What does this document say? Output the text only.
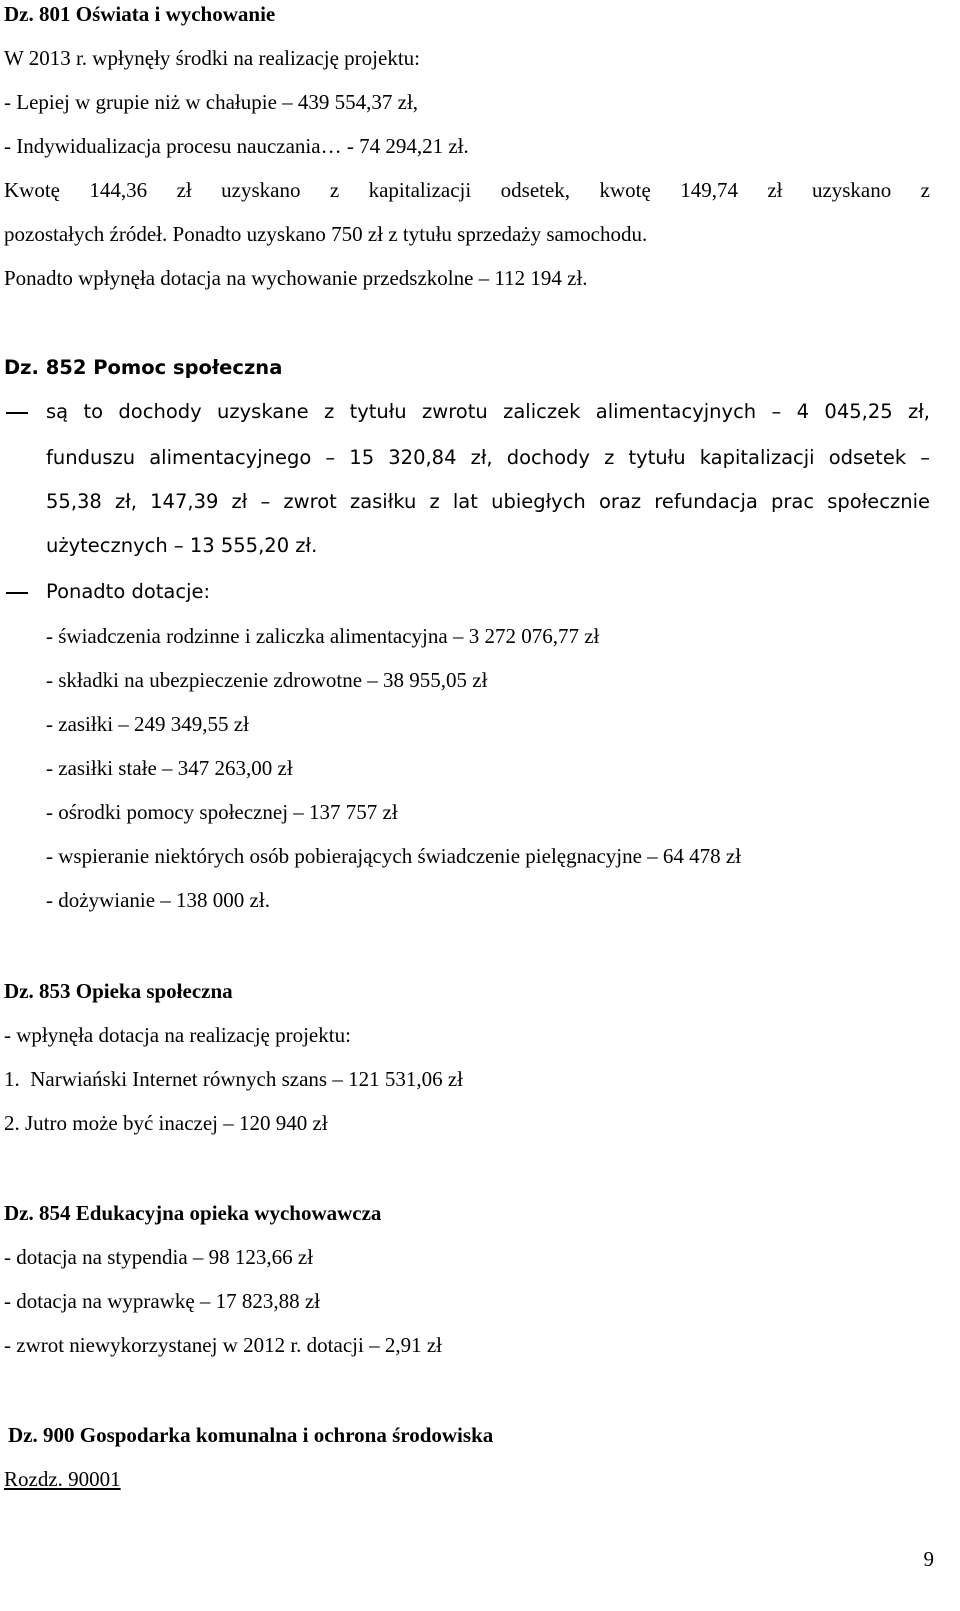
Dz. 801 Oświata i wychowanie
W 2013 r. wpłynęły środki na realizację projektu:
- Lepiej w grupie niż w chałupie – 439 554,37 zł,
- Indywidualizacja procesu nauczania… - 74 294,21 zł.
Kwotę 144,36 zł uzyskano z kapitalizacji odsetek, kwotę 149,74 zł uzyskano z
pozostałych źródeł. Ponadto uzyskano 750 zł z tytułu sprzedaży samochodu.
Ponadto wpłynęła dotacja na wychowanie przedszkolne – 112 194 zł.
Dz. 852 Pomoc społeczna
są to dochody uzyskane z tytułu zwrotu zaliczek alimentacyjnych – 4 045,25 zł,
funduszu alimentacyjnego – 15 320,84 zł, dochody z tytułu kapitalizacji odsetek –
55,38 zł, 147,39 zł – zwrot zasiłku z lat ubiegłych oraz refundacja prac społecznie
użytecznych – 13 555,20 zł.
Ponadto dotacje:
- świadczenia rodzinne i zaliczka alimentacyjna – 3 272 076,77 zł
- składki na ubezpieczenie zdrowotne – 38 955,05 zł
- zasiłki – 249 349,55 zł
- zasiłki stałe – 347 263,00 zł
- ośrodki pomocy społecznej – 137 757 zł
- wspieranie niektórych osób pobierających świadczenie pielęgnacyjne – 64 478 zł
- dożywianie – 138 000 zł.
Dz. 853 Opieka społeczna
- wpłynęła dotacja na realizację projektu:
1.  Narwiański Internet równych szans – 121 531,06 zł
2. Jutro może być inaczej – 120 940 zł
Dz. 854 Edukacyjna opieka wychowawcza
- dotacja na stypendia – 98 123,66 zł
- dotacja na wyprawkę – 17 823,88 zł
- zwrot niewykorzystanej w 2012 r. dotacji – 2,91 zł
Dz. 900 Gospodarka komunalna i ochrona środowiska
Rozdz. 90001
9
